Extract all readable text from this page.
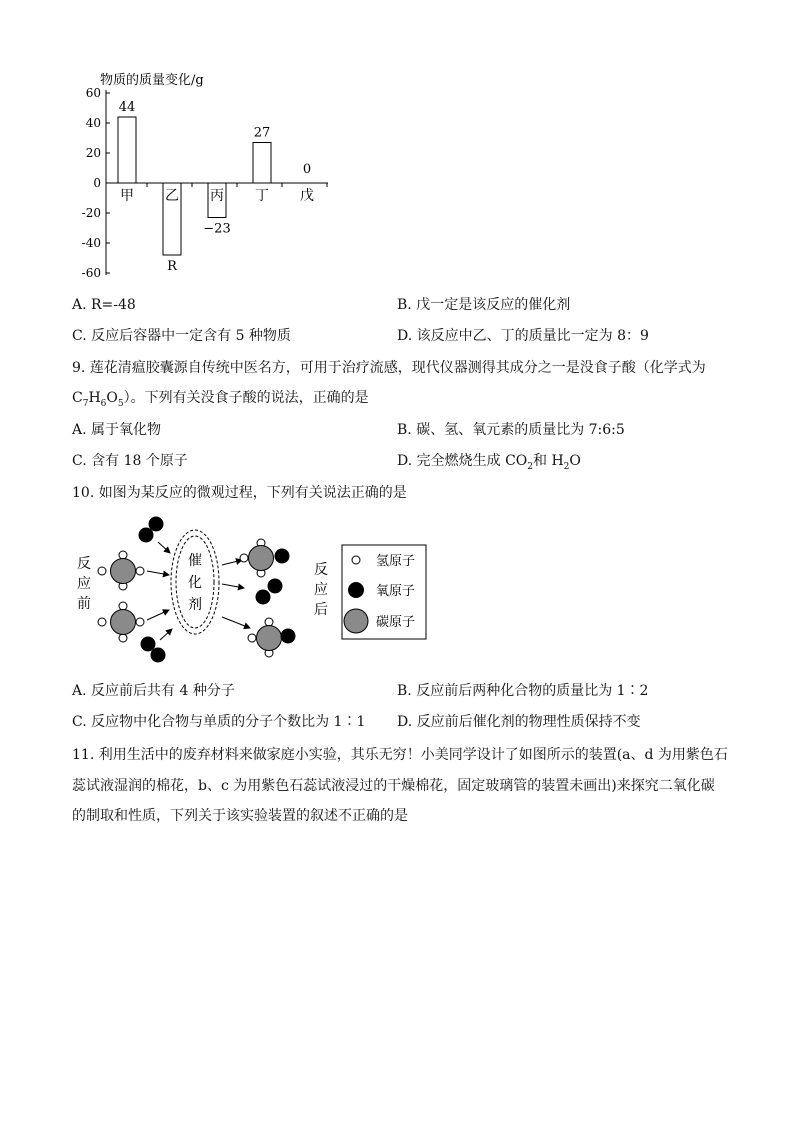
物质的质量变化/g
60
40
20
0
-20
-40
-60
甲
44
乙
R
丙
−23
丁
27
戊
0
A. R=-48	B. 戊一定是该反应的催化剂
C. 反应后容器中一定含有 5 种物质	D. 该反应中乙、丁的质量比一定为 8：9
9. 莲花清瘟胶囊源自传统中医名方，可用于治疗流感，现代仪器测得其成分之一是没食子酸（化学式为
$C_7H_6O_5$）。下列有关没食子酸的说法，正确的是
A. 属于氧化物	B. 碳、氢、氧元素的质量比为 7:6:5
C. 含有 18 个原子	D. 完全燃烧生成 $CO_2$和 $H_2O$
10. 如图为某反应的微观过程，下列有关说法正确的是
反
应
前
催
化
剂
反
应
后
氢原子
氧原子
碳原子
A. 反应前后共有 4 种分子	B. 反应前后两种化合物的质量比为 1∶2
C. 反应物中化合物与单质的分子个数比为 1∶1 D. 反应前后催化剂的物理性质保持不变
11. 利用生活中的废弃材料来做家庭小实验，其乐无穷！小美同学设计了如图所示的装置(a、d 为用紫色石
蕊试液湿润的棉花，b、c 为用紫色石蕊试液浸过的干燥棉花，固定玻璃管的装置未画出)来探究二氧化碳
的制取和性质，下列关于该实验装置的叙述不正确的是
